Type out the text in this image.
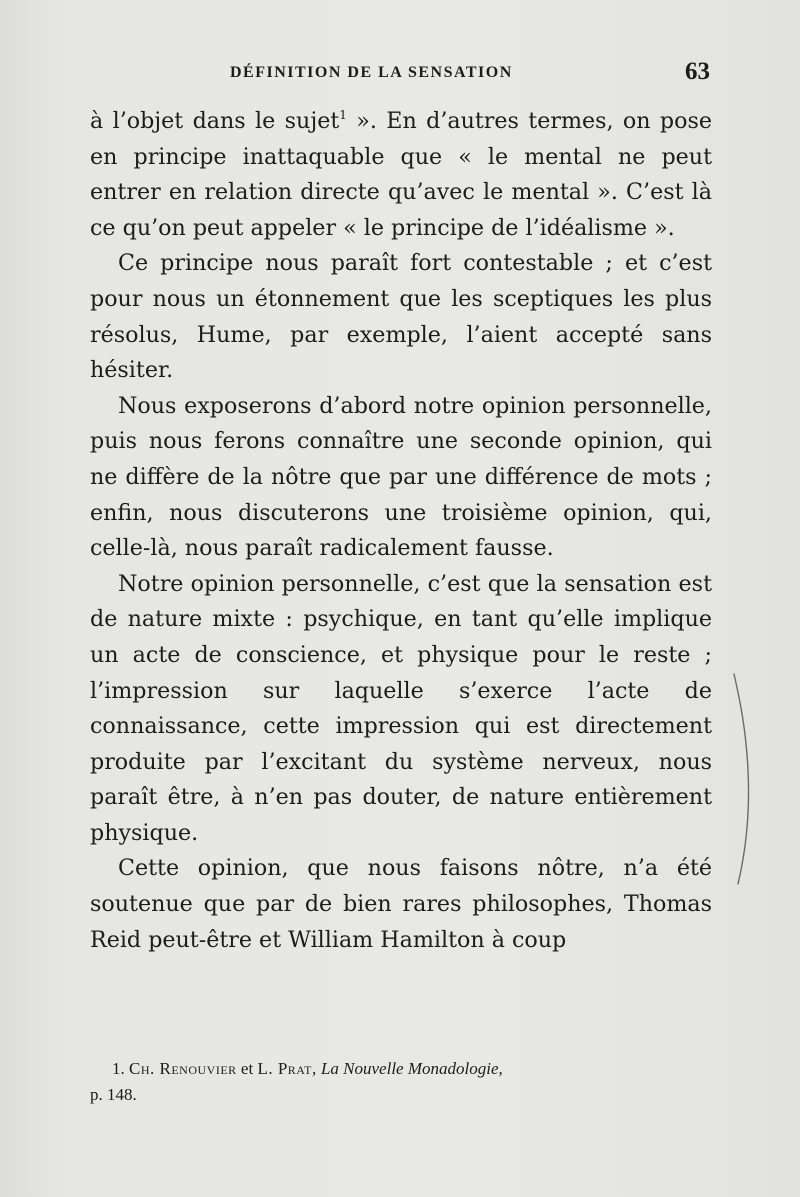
DÉFINITION DE LA SENSATION	63

à l’objet dans le sujet$^1$ ». En d’autres termes, on pose en principe inattaquable que « le mental ne peut entrer en relation directe qu’avec le mental ». C’est là ce qu’on peut appeler « le principe de l’idéalisme ».

Ce principe nous paraît fort contestable ; et c’est pour nous un étonnement que les sceptiques les plus résolus, Hume, par exemple, l’aient accepté sans hésiter.

Nous exposerons d’abord notre opinion personnelle, puis nous ferons connaître une seconde opinion, qui ne diffère de la nôtre que par une différence de mots ; enfin, nous discuterons une troisième opinion, qui, celle-là, nous paraît radicalement fausse.

Notre opinion personnelle, c’est que la sensation est de nature mixte : psychique, en tant qu’elle implique un acte de conscience, et physique pour le reste ; l’impression sur laquelle s’exerce l’acte de connaissance, cette impression qui est directement produite par l’excitant du système nerveux, nous paraît être, à n’en pas douter, de nature entièrement physique.

Cette opinion, que nous faisons nôtre, n’a été soutenue que par de bien rares philosophes, Thomas Reid peut-être et William Hamilton à coup

1. Ch. Renouvier et L. Prat, La Nouvelle Monadologie,
p. 148.
